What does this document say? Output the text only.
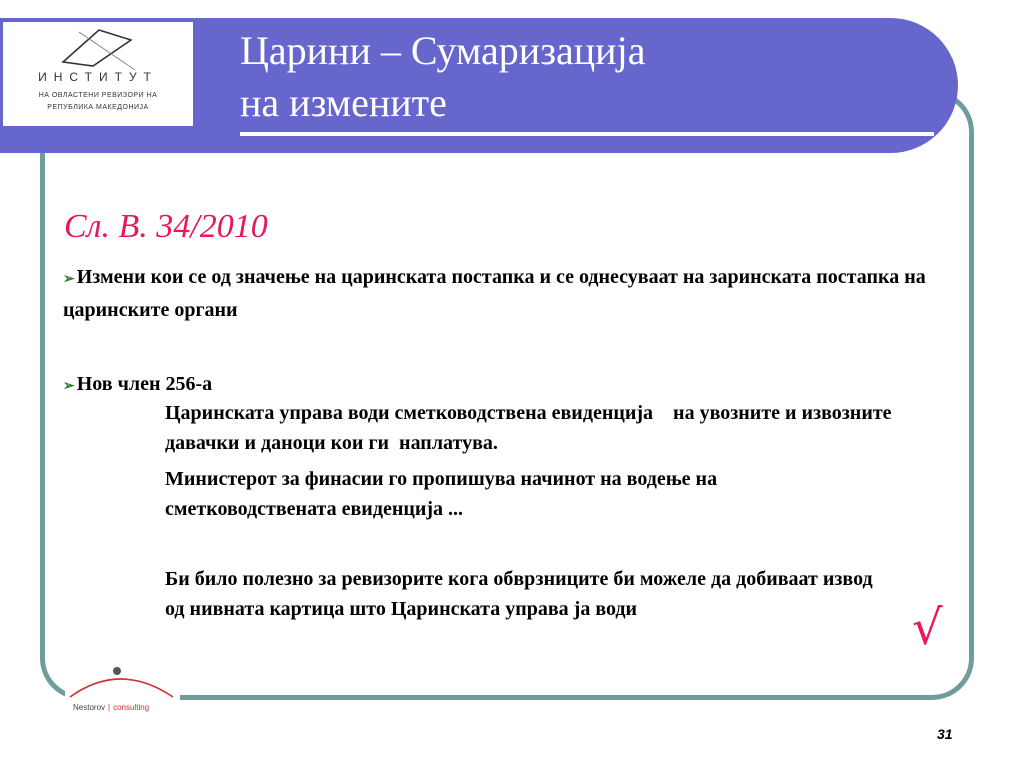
Царини – Сумаризација
на измените
ИНСТИТУТ
НА ОВЛАСТЕНИ РЕВИЗОРИ НА
РЕПУБЛИКА МАКЕДОНИЈА
Сл. В. 34/2010
➢ Измени кои се од значење на царинската постапка и се однесуваат на заринската постапка на царинските органи
➢ Нов член 256-а
Царинската управа води сметководствена евиденција    на увозните и извозните давачки и даноци кои ги  наплатува.
Министерот за финасии го пропишува начинот на водење на сметководствената евиденција ...
Би било полезно за ревизорите кога обврзниците би можеле да добиваат извод од нивната картица што Царинската управа ја води	√
Nestorov | consulting
31
